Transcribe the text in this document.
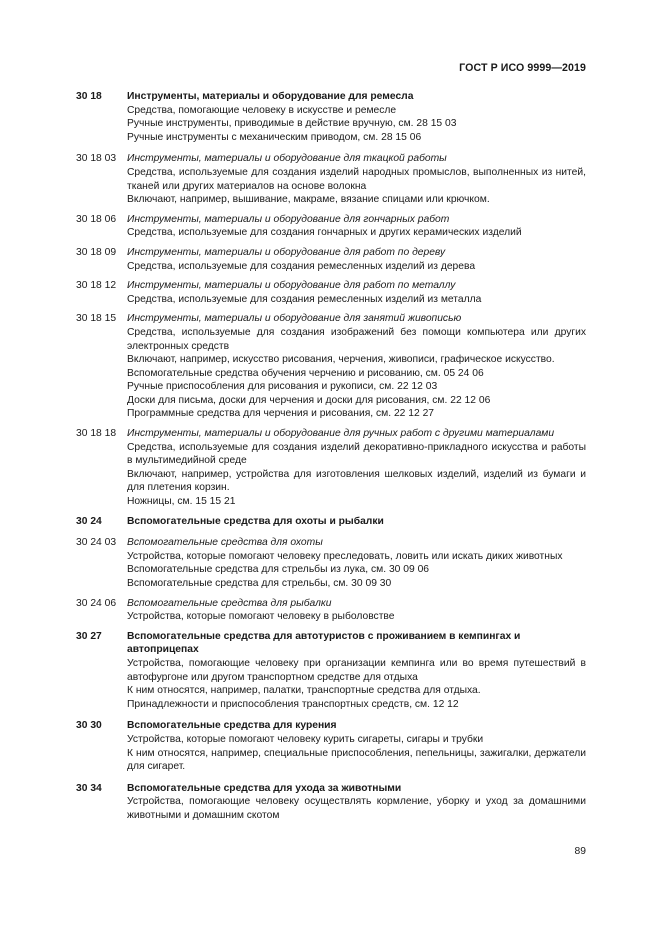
ГОСТ Р ИСО 9999—2019
30 18	Инструменты, материалы и оборудование для ремесла
Средства, помогающие человеку в искусстве и ремесле
Ручные инструменты, приводимые в действие вручную, см. 28 15 03
Ручные инструменты с механическим приводом, см. 28 15 06
30 18 03	Инструменты, материалы и оборудование для ткацкой работы
Средства, используемые для создания изделий народных промыслов, выполненных из нитей, тканей или других материалов на основе волокна
Включают, например, вышивание, макраме, вязание спицами или крючком.
30 18 06	Инструменты, материалы и оборудование для гончарных работ
Средства, используемые для создания гончарных и других керамических изделий
30 18 09	Инструменты, материалы и оборудование для работ по дереву
Средства, используемые для создания ремесленных изделий из дерева
30 18 12	Инструменты, материалы и оборудование для работ по металлу
Средства, используемые для создания ремесленных изделий из металла
30 18 15	Инструменты, материалы и оборудование для занятий живописью
Средства, используемые для создания изображений без помощи компьютера или других электронных средств
Включают, например, искусство рисования, черчения, живописи, графическое искусство.
Вспомогательные средства обучения черчению и рисованию, см. 05 24 06
Ручные приспособления для рисования и рукописи, см. 22 12 03
Доски для письма, доски для черчения и доски для рисования, см. 22 12 06
Программные средства для черчения и рисования, см. 22 12 27
30 18 18	Инструменты, материалы и оборудование для ручных работ с другими материалами
Средства, используемые для создания изделий декоративно-прикладного искусства и работы в мультимедийной среде
Включают, например, устройства для изготовления шелковых изделий, изделий из бумаги и для плетения корзин.
Ножницы, см. 15 15 21
30 24	Вспомогательные средства для охоты и рыбалки
30 24 03	Вспомогательные средства для охоты
Устройства, которые помогают человеку преследовать, ловить или искать диких животных
Вспомогательные средства для стрельбы из лука, см. 30 09 06
Вспомогательные средства для стрельбы, см. 30 09 30
30 24 06	Вспомогательные средства для рыбалки
Устройства, которые помогают человеку в рыболовстве
30 27	Вспомогательные средства для автотуристов с проживанием в кемпингах и автоприцепах
Устройства, помогающие человеку при организации кемпинга или во время путешествий в автофургоне или другом транспортном средстве для отдыха
К ним относятся, например, палатки, транспортные средства для отдыха.
Принадлежности и приспособления транспортных средств, см. 12 12
30 30	Вспомогательные средства для курения
Устройства, которые помогают человеку курить сигареты, сигары и трубки
К ним относятся, например, специальные приспособления, пепельницы, зажигалки, держатели для сигарет.
30 34	Вспомогательные средства для ухода за животными
Устройства, помогающие человеку осуществлять кормление, уборку и уход за домашними животными и домашним скотом
89
